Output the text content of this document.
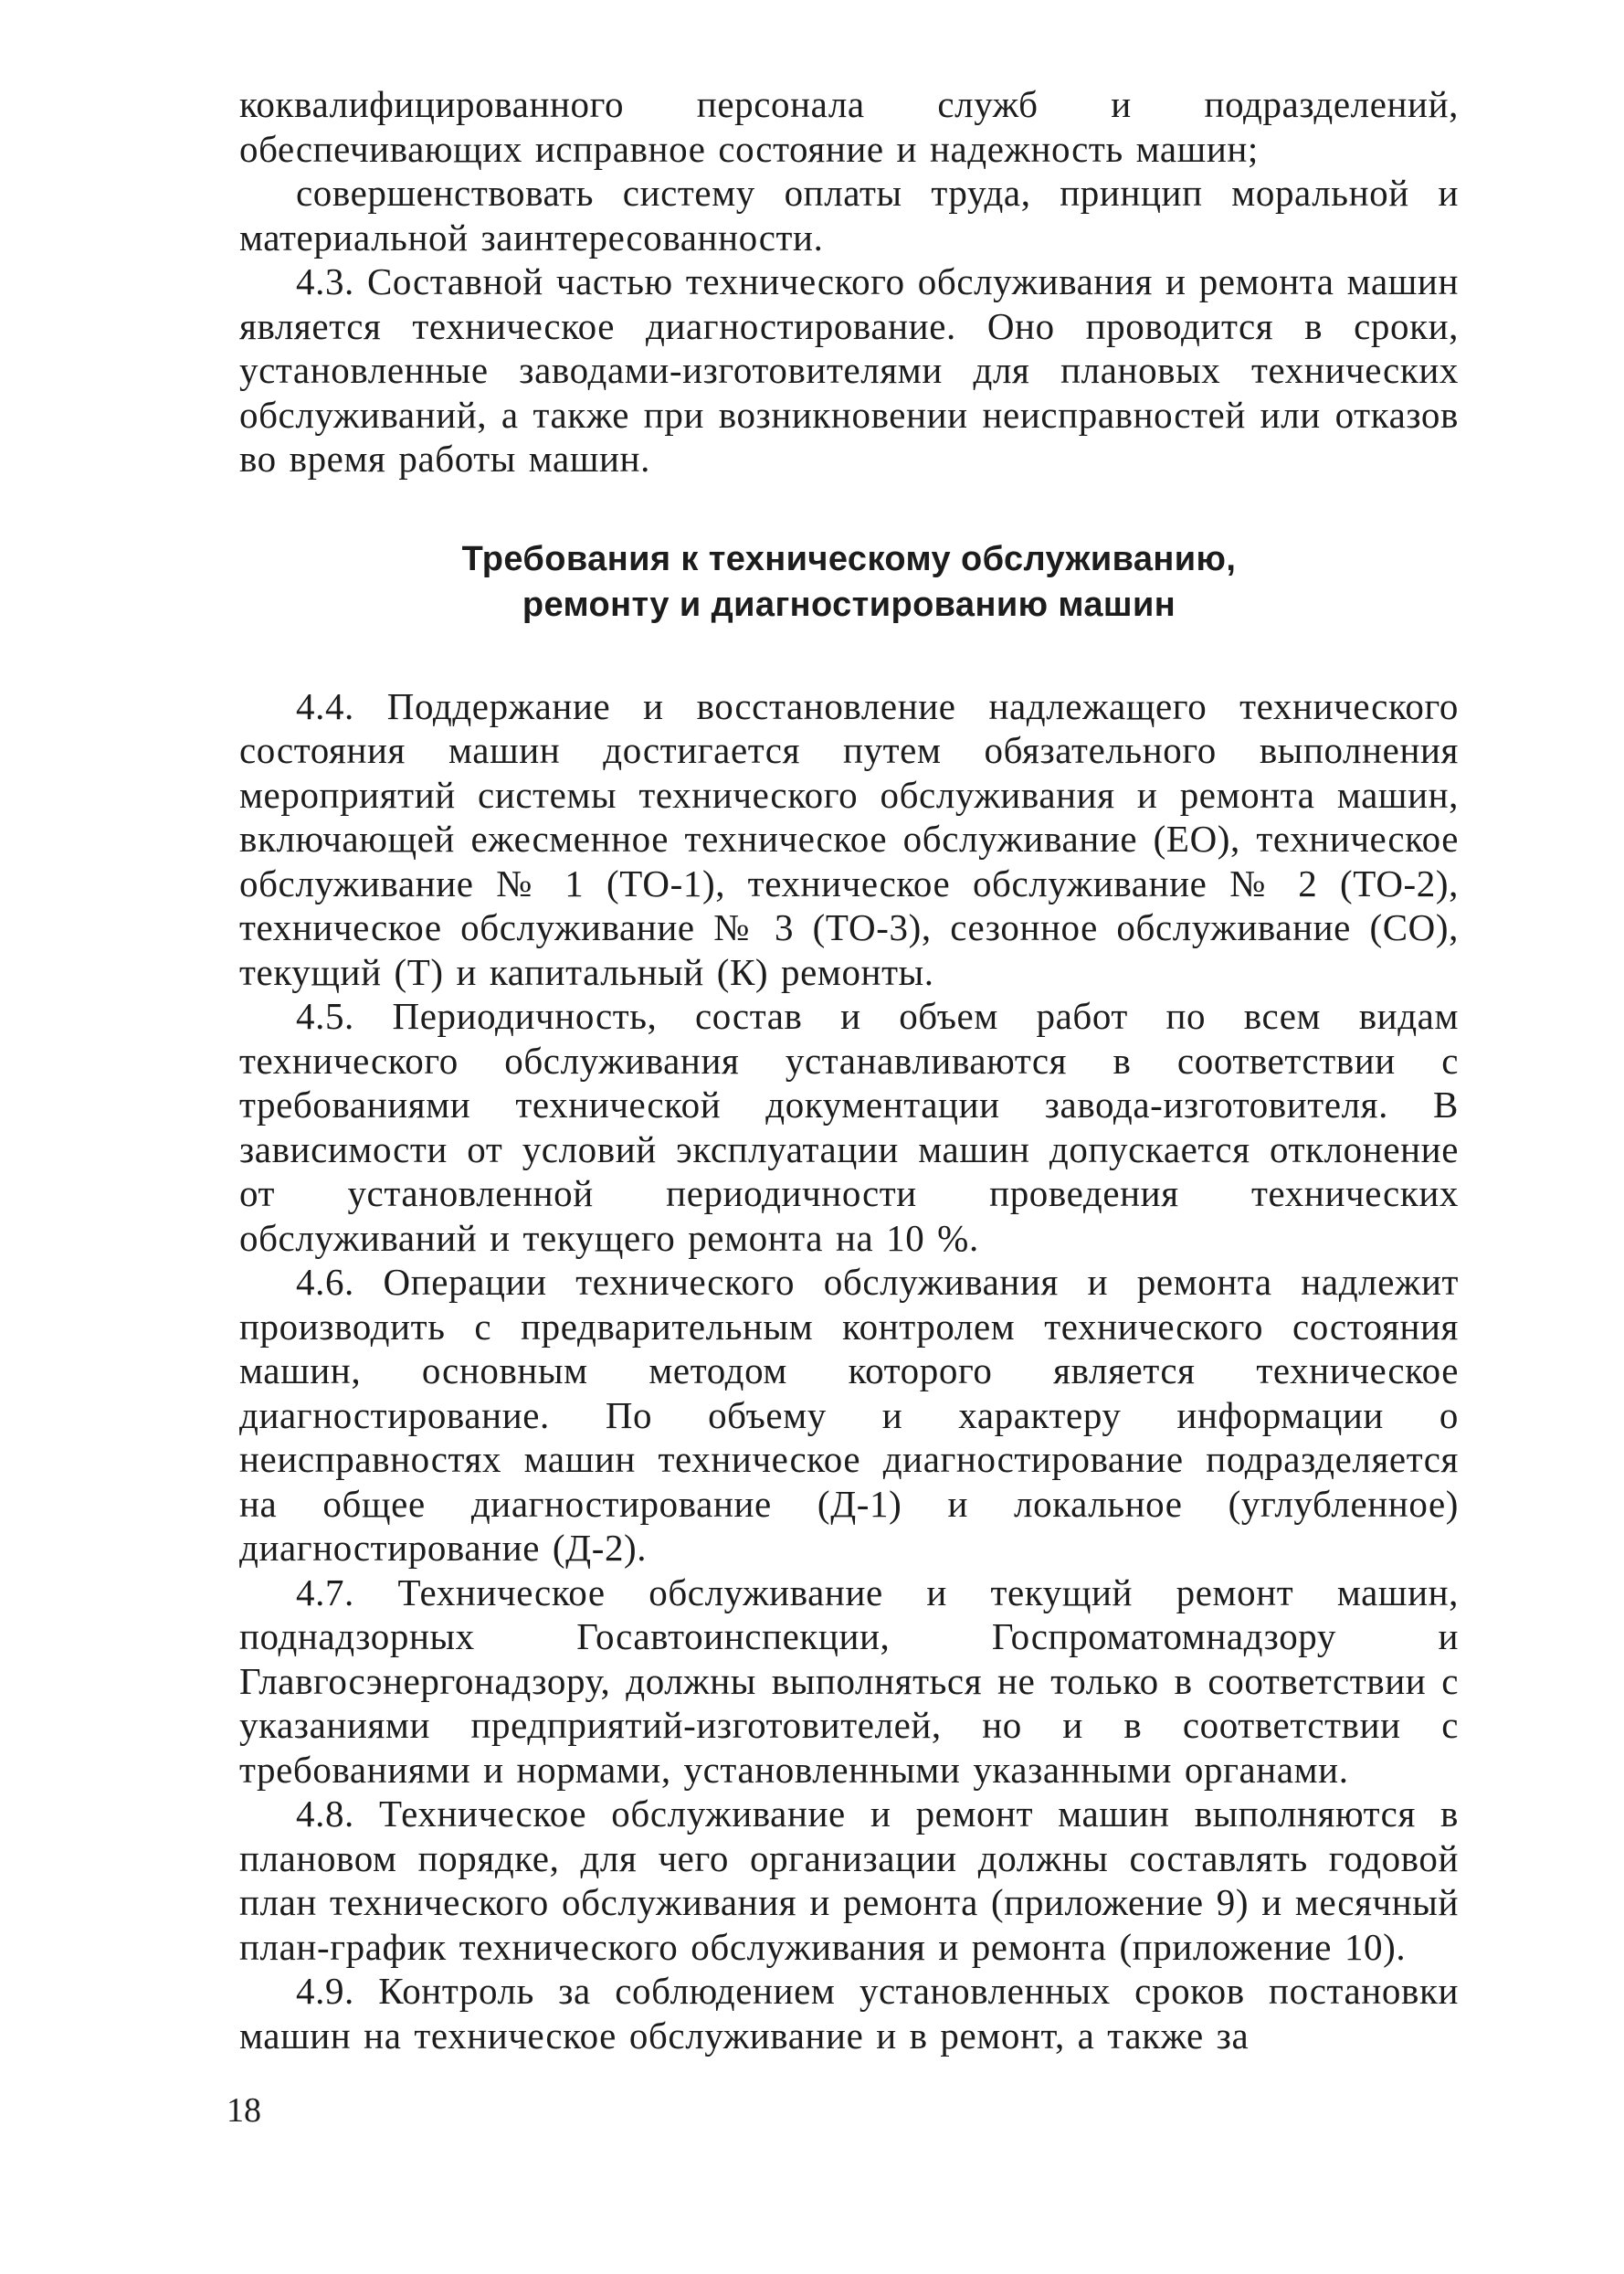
коквалифицированного персонала служб и подразделений, обеспечивающих исправное состояние и надежность машин;

совершенствовать систему оплаты труда, принцип моральной и материальной заинтересованности.

4.3. Составной частью технического обслуживания и ремонта машин является техническое диагностирование. Оно проводится в сроки, установленные заводами-изготовителями для плановых технических обслуживаний, а также при возникновении неисправностей или отказов во время работы машин.

Требования к техническому обслуживанию,
ремонту и диагностированию машин

4.4. Поддержание и восстановление надлежащего технического состояния машин достигается путем обязательного выполнения мероприятий системы технического обслуживания и ремонта машин, включающей ежесменное техническое обслуживание (ЕО), техническое обслуживание № 1 (ТО-1), техническое обслуживание № 2 (ТО-2), техническое обслуживание № 3 (ТО-3), сезонное обслуживание (СО), текущий (Т) и капитальный (К) ремонты.

4.5. Периодичность, состав и объем работ по всем видам технического обслуживания устанавливаются в соответствии с требованиями технической документации завода-изготовителя. В зависимости от условий эксплуатации машин допускается отклонение от установленной периодичности проведения технических обслуживаний и текущего ремонта на 10 %.

4.6. Операции технического обслуживания и ремонта надлежит производить с предварительным контролем технического состояния машин, основным методом которого является техническое диагностирование. По объему и характеру информации о неисправностях машин техническое диагностирование подразделяется на общее диагностирование (Д-1) и локальное (углубленное) диагностирование (Д-2).

4.7. Техническое обслуживание и текущий ремонт машин, поднадзорных Госавтоинспекции, Госпроматомнадзору и Главгосэнергонадзору, должны выполняться не только в соответствии с указаниями предприятий-изготовителей, но и в соответствии с требованиями и нормами, установленными указанными органами.

4.8. Техническое обслуживание и ремонт машин выполняются в плановом порядке, для чего организации должны составлять годовой план технического обслуживания и ремонта (приложение 9) и месячный план-график технического обслуживания и ремонта (приложение 10).

4.9. Контроль за соблюдением установленных сроков постановки машин на техническое обслуживание и в ремонт, а также за

18
